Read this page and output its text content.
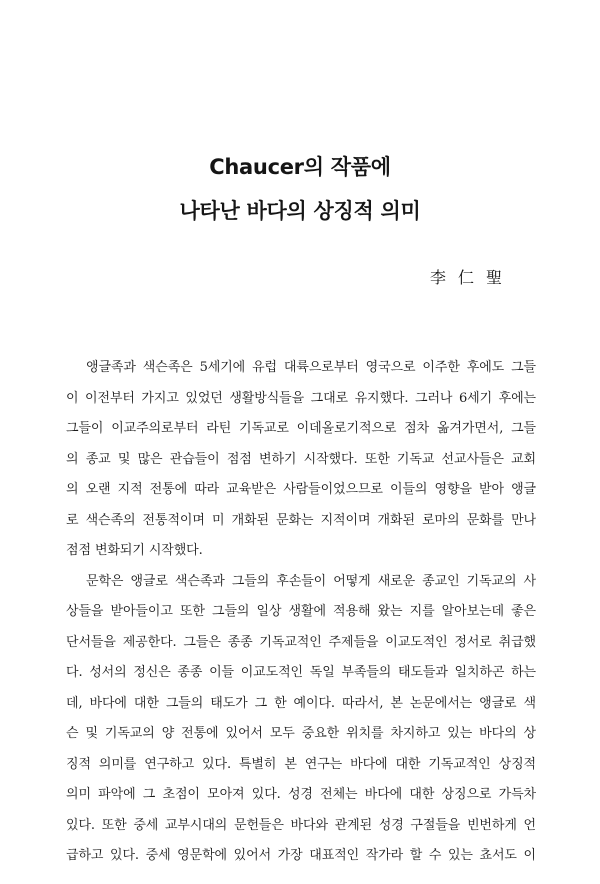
Chaucer의 작품에
나타난 바다의 상징적 의미
李仁聖
앵글족과 색슨족은 5세기에 유럽 대륙으로부터 영국으로 이주한 후에도 그들
이 이전부터 가지고 있었던 생활방식들을 그대로 유지했다. 그러나 6세기 후에는
그들이 이교주의로부터 라틴 기독교로 이데올로기적으로 점차 옮겨가면서, 그들
의 종교 및 많은 관습들이 점점 변하기 시작했다. 또한 기독교 선교사들은 교회
의 오랜 지적 전통에 따라 교육받은 사람들이었으므로 이들의 영향을 받아 앵글
로 색슨족의 전통적이며 미 개화된 문화는 지적이며 개화된 로마의 문화를 만나
점점 변화되기 시작했다.
문학은 앵글로 색슨족과 그들의 후손들이 어떻게 새로운 종교인 기독교의 사
상들을 받아들이고 또한 그들의 일상 생활에 적용해 왔는 지를 알아보는데 좋은
단서들을 제공한다. 그들은 종종 기독교적인 주제들을 이교도적인 정서로 취급했
다. 성서의 정신은 종종 이들 이교도적인 독일 부족들의 태도들과 일치하곤 하는
데, 바다에 대한 그들의 태도가 그 한 예이다. 따라서, 본 논문에서는 앵글로 색
슨 및 기독교의 양 전통에 있어서 모두 중요한 위치를 차지하고 있는 바다의 상
징적 의미를 연구하고 있다. 특별히 본 연구는 바다에 대한 기독교적인 상징적
의미 파악에 그 초점이 모아져 있다. 성경 전체는 바다에 대한 상징으로 가득차
있다. 또한 중세 교부시대의 문헌들은 바다와 관계된 성경 구절들을 빈번하게 언
급하고 있다. 중세 영문학에 있어서 가장 대표적인 작가라 할 수 있는 쵸서도 이
